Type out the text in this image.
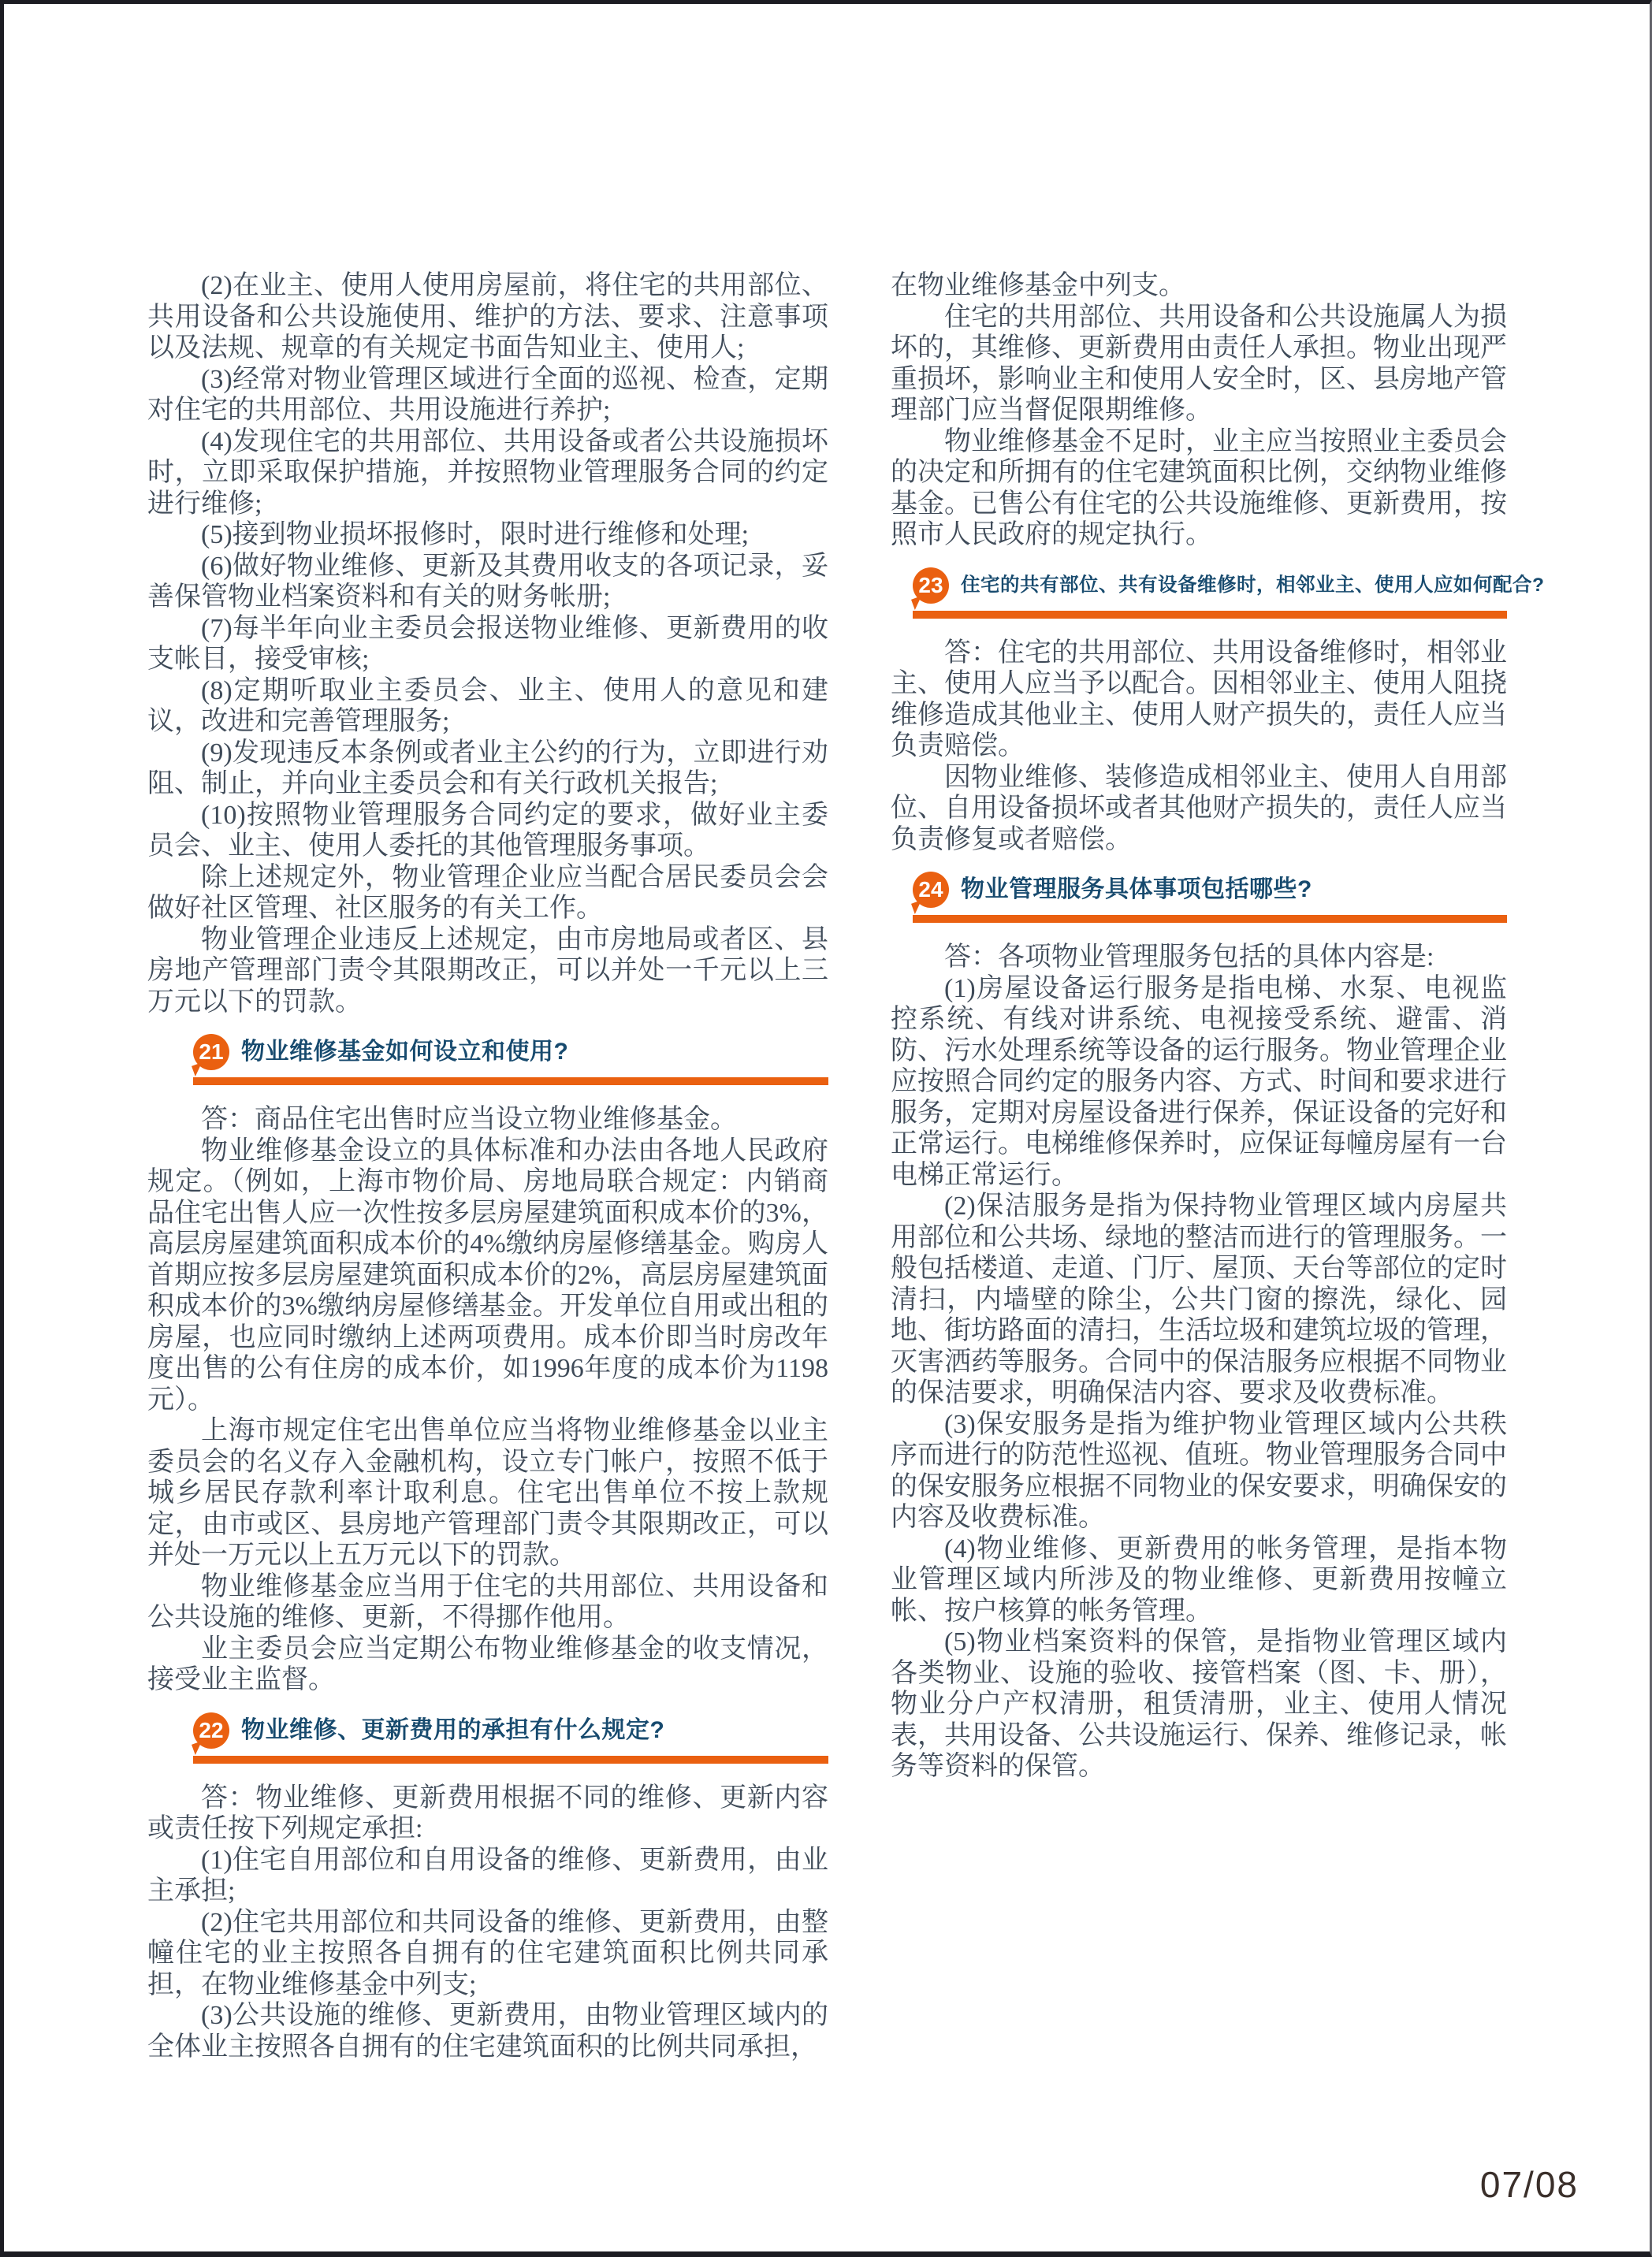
(2)在业主、使用人使用房屋前，将住宅的共用部位、共用设备和公共设施使用、维护的方法、要求、注意事项以及法规、规章的有关规定书面告知业主、使用人;

(3)经常对物业管理区域进行全面的巡视、检查，定期对住宅的共用部位、共用设施进行养护;

(4)发现住宅的共用部位、共用设备或者公共设施损坏时，立即采取保护措施，并按照物业管理服务合同的约定进行维修;

(5)接到物业损坏报修时，限时进行维修和处理;

(6)做好物业维修、更新及其费用收支的各项记录，妥善保管物业档案资料和有关的财务帐册;

(7)每半年向业主委员会报送物业维修、更新费用的收支帐目，接受审核;

(8)定期听取业主委员会、业主、使用人的意见和建议，改进和完善管理服务;

(9)发现违反本条例或者业主公约的行为，立即进行劝阻、制止，并向业主委员会和有关行政机关报告;

(10)按照物业管理服务合同约定的要求，做好业主委员会、业主、使用人委托的其他管理服务事项。

除上述规定外，物业管理企业应当配合居民委员会会做好社区管理、社区服务的有关工作。

物业管理企业违反上述规定，由市房地局或者区、县房地产管理部门责令其限期改正，可以并处一千元以上三万元以下的罚款。

21 物业维修基金如何设立和使用?

答：商品住宅出售时应当设立物业维修基金。

物业维修基金设立的具体标准和办法由各地人民政府规定。（例如，上海市物价局、房地局联合规定：内销商品住宅出售人应一次性按多层房屋建筑面积成本价的3%，高层房屋建筑面积成本价的4%缴纳房屋修缮基金。购房人首期应按多层房屋建筑面积成本价的2%，高层房屋建筑面积成本价的3%缴纳房屋修缮基金。开发单位自用或出租的房屋，也应同时缴纳上述两项费用。成本价即当时房改年度出售的公有住房的成本价，如1996年度的成本价为1198元）。

上海市规定住宅出售单位应当将物业维修基金以业主委员会的名义存入金融机构，设立专门帐户，按照不低于城乡居民存款利率计取利息。住宅出售单位不按上款规定，由市或区、县房地产管理部门责令其限期改正，可以并处一万元以上五万元以下的罚款。

物业维修基金应当用于住宅的共用部位、共用设备和公共设施的维修、更新，不得挪作他用。

业主委员会应当定期公布物业维修基金的收支情况，接受业主监督。

22 物业维修、更新费用的承担有什么规定?

答：物业维修、更新费用根据不同的维修、更新内容或责任按下列规定承担:

(1)住宅自用部位和自用设备的维修、更新费用，由业主承担;

(2)住宅共用部位和共同设备的维修、更新费用，由整幢住宅的业主按照各自拥有的住宅建筑面积比例共同承担，在物业维修基金中列支;

(3)公共设施的维修、更新费用，由物业管理区域内的全体业主按照各自拥有的住宅建筑面积的比例共同承担，

在物业维修基金中列支。

住宅的共用部位、共用设备和公共设施属人为损坏的，其维修、更新费用由责任人承担。物业出现严重损坏，影响业主和使用人安全时，区、县房地产管理部门应当督促限期维修。

物业维修基金不足时，业主应当按照业主委员会的决定和所拥有的住宅建筑面积比例，交纳物业维修基金。已售公有住宅的公共设施维修、更新费用，按照市人民政府的规定执行。

23 住宅的共有部位、共有设备维修时，相邻业主、使用人应如何配合?

答：住宅的共用部位、共用设备维修时，相邻业主、使用人应当予以配合。因相邻业主、使用人阻挠维修造成其他业主、使用人财产损失的，责任人应当负责赔偿。

因物业维修、装修造成相邻业主、使用人自用部位、自用设备损坏或者其他财产损失的，责任人应当负责修复或者赔偿。

24 物业管理服务具体事项包括哪些?

答：各项物业管理服务包括的具体内容是:

(1)房屋设备运行服务是指电梯、水泵、电视监控系统、有线对讲系统、电视接受系统、避雷、消防、污水处理系统等设备的运行服务。物业管理企业应按照合同约定的服务内容、方式、时间和要求进行服务，定期对房屋设备进行保养，保证设备的完好和正常运行。电梯维修保养时，应保证每幢房屋有一台电梯正常运行。

(2)保洁服务是指为保持物业管理区域内房屋共用部位和公共场、绿地的整洁而进行的管理服务。一般包括楼道、走道、门厅、屋顶、天台等部位的定时清扫，内墙壁的除尘，公共门窗的擦洗，绿化、园地、街坊路面的清扫，生活垃圾和建筑垃圾的管理，灭害洒药等服务。合同中的保洁服务应根据不同物业的保洁要求，明确保洁内容、要求及收费标准。

(3)保安服务是指为维护物业管理区域内公共秩序而进行的防范性巡视、值班。物业管理服务合同中的保安服务应根据不同物业的保安要求，明确保安的内容及收费标准。

(4)物业维修、更新费用的帐务管理，是指本物业管理区域内所涉及的物业维修、更新费用按幢立帐、按户核算的帐务管理。

(5)物业档案资料的保管，是指物业管理区域内各类物业、设施的验收、接管档案（图、卡、册），物业分户产权清册，租赁清册，业主、使用人情况表，共用设备、公共设施运行、保养、维修记录，帐务等资料的保管。

07/08
